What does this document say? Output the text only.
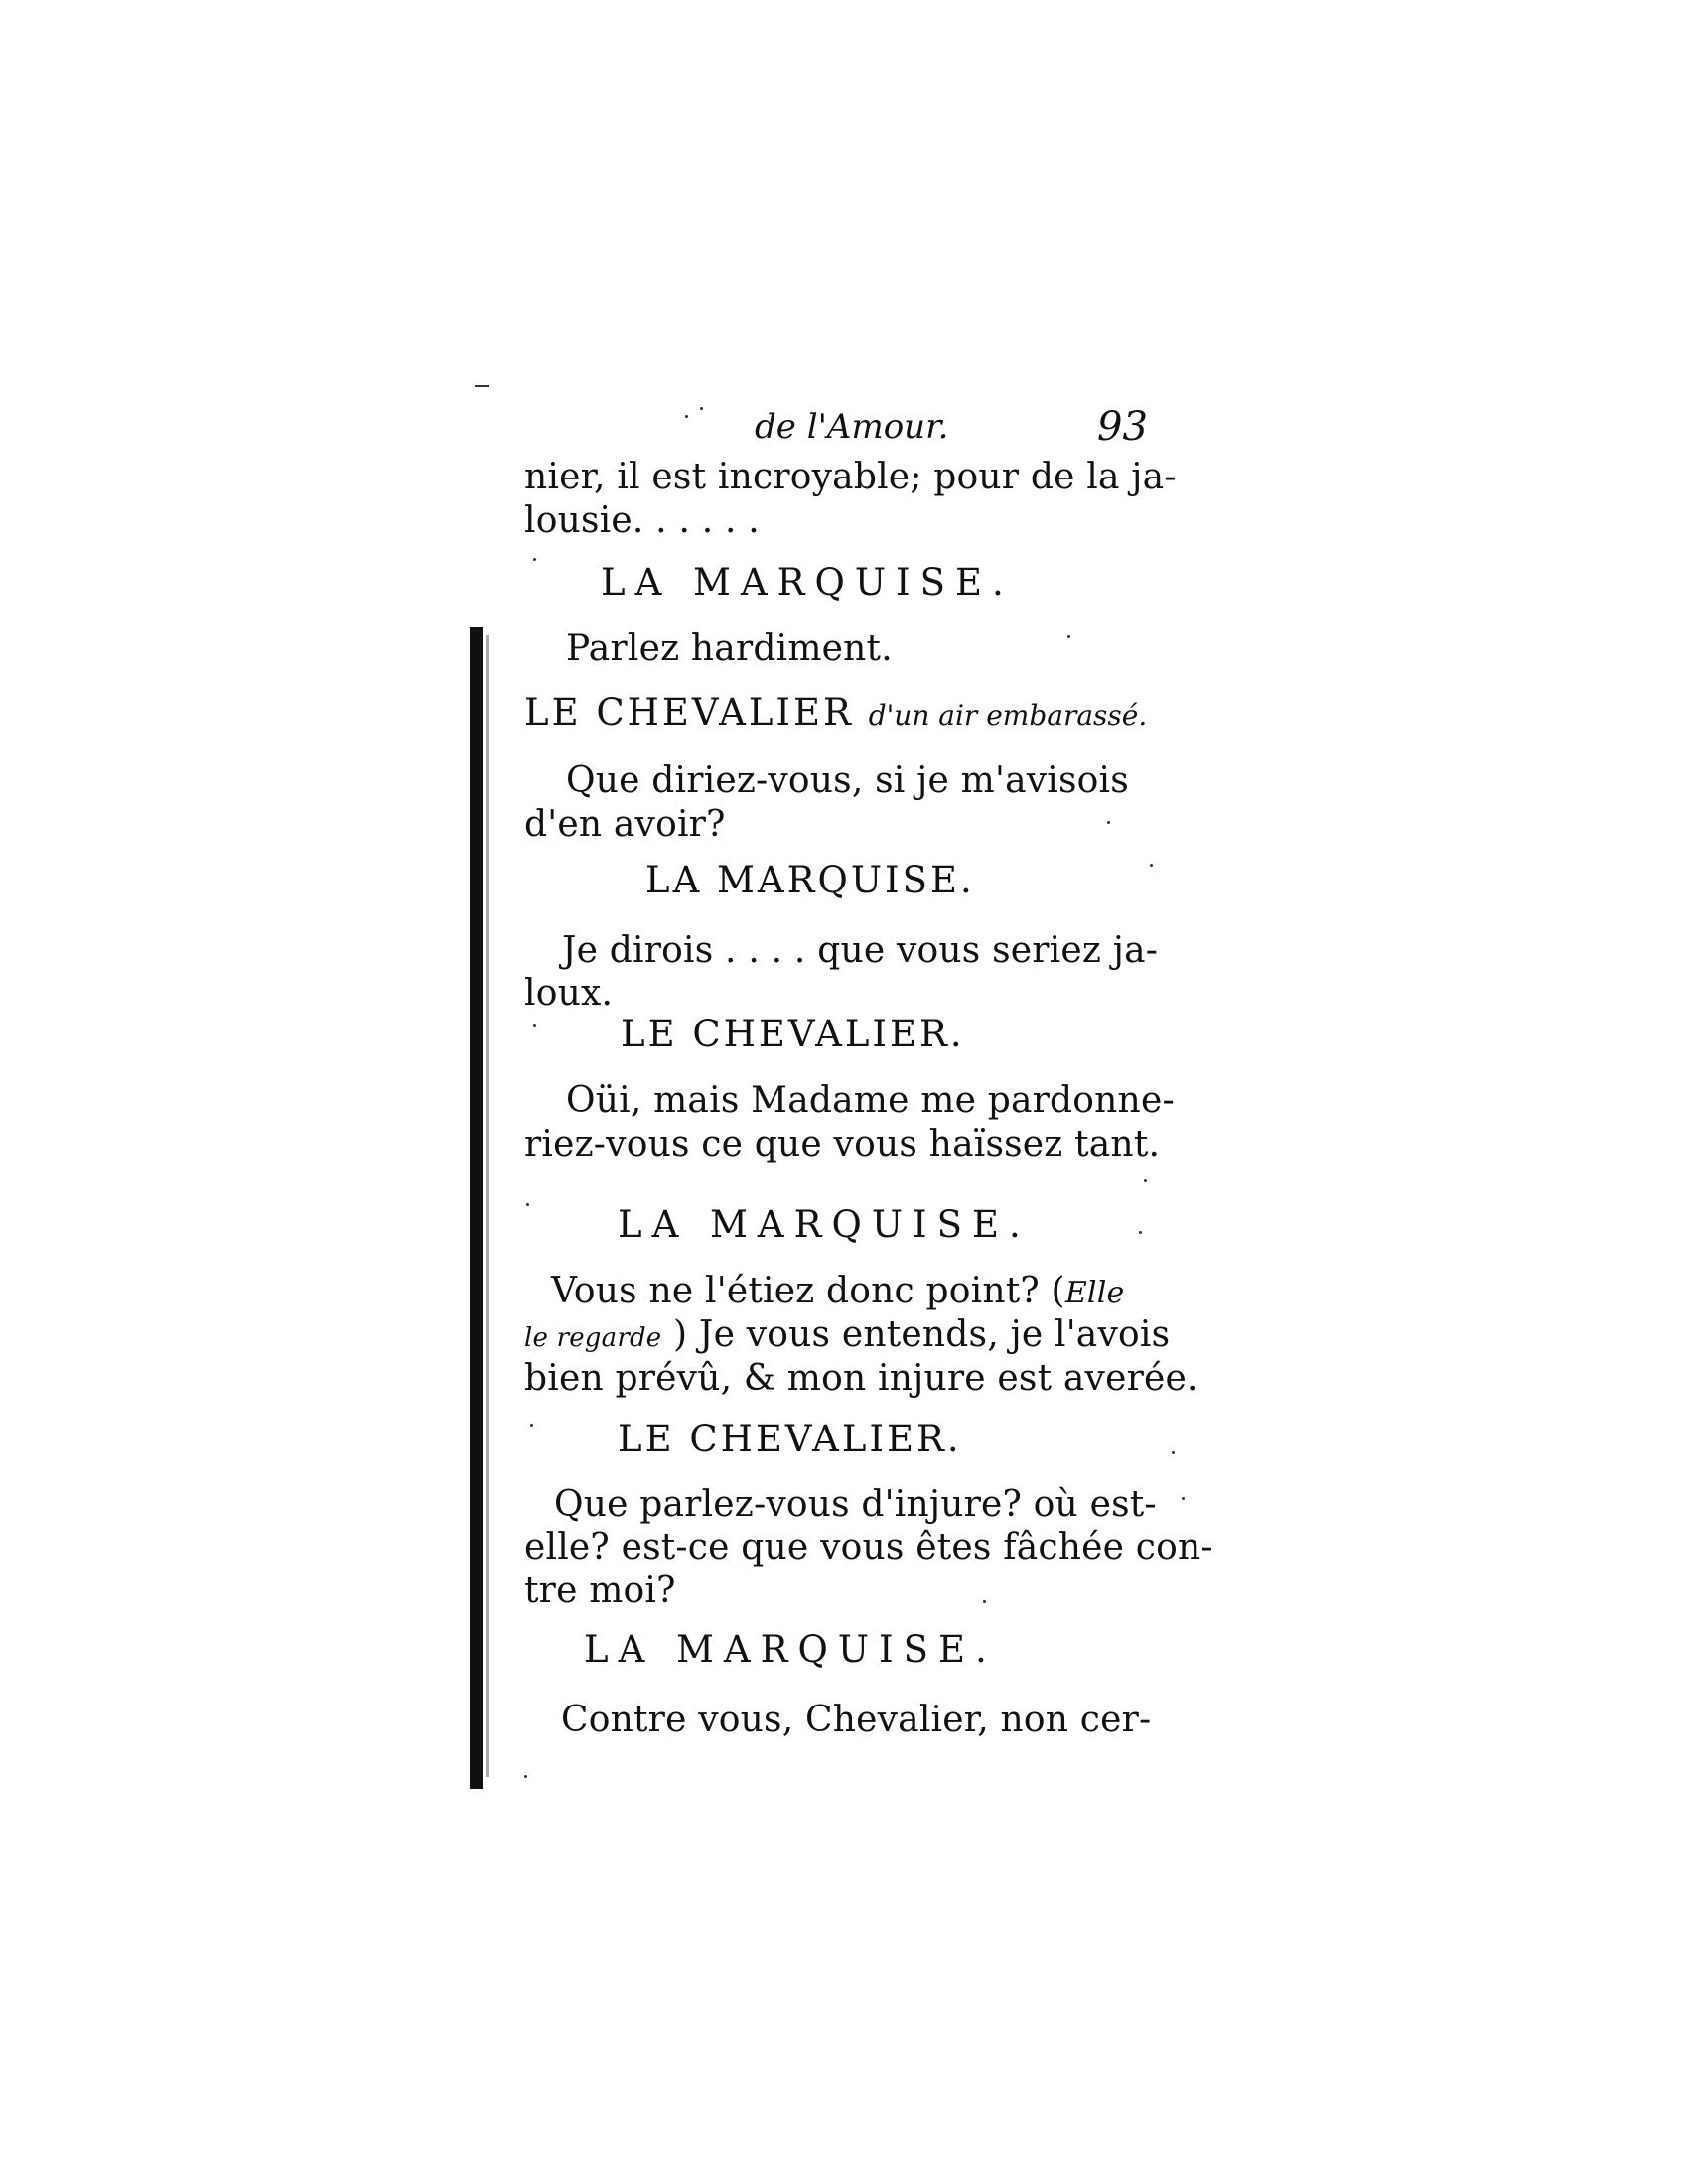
de l'Amour.	93
nier, il est incroyable; pour de la ja-
lousie. . . . . .
LA MARQUISE.
Parlez hardiment.
LE CHEVALIER d'un air embarassé.
Que diriez-vous, si je m'avisois
d'en avoir?
LA MARQUISE.
Je dirois . . . . que vous seriez ja-
loux.
LE CHEVALIER.
Oüi, mais Madame me pardonne-
riez-vous ce que vous haïssez tant.
LA MARQUISE.
Vous ne l'étiez donc point? (Elle
le regarde ) Je vous entends, je l'avois
bien prévû, & mon injure est averée.
LE CHEVALIER.
Que parlez-vous d'injure? où est-
elle? est-ce que vous êtes fâchée con-
tre moi?
LA MARQUISE.
Contre vous, Chevalier, non cer-
